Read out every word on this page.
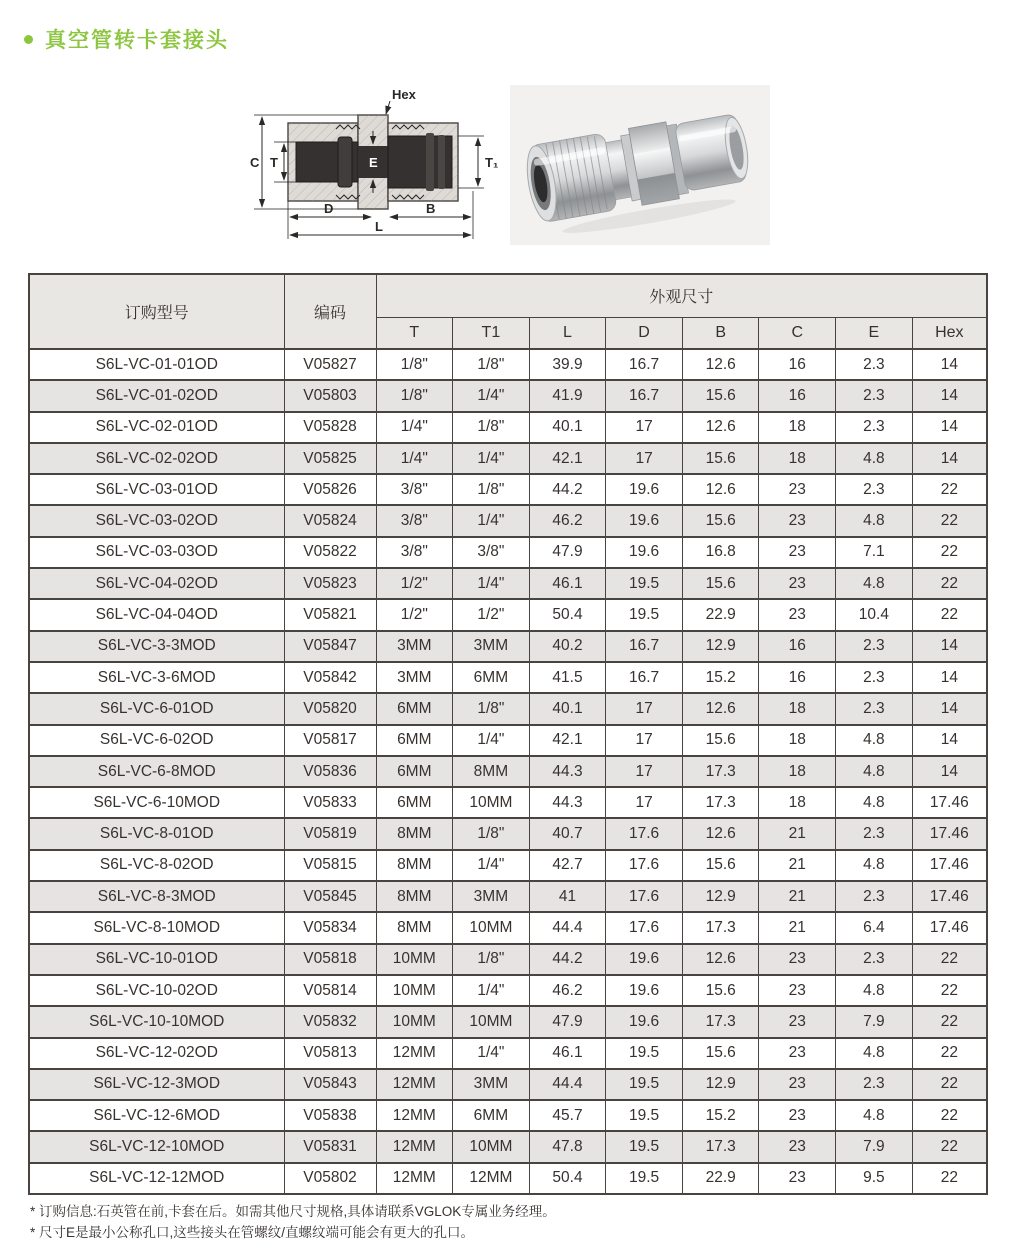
真空管转卡套接头
Hex
C T	E	T₁
D	B
L
订购型号	编码	外观尺寸							
		T	T1	L	D	B	C	E	Hex
S6L-VC-01-01OD	V05827	1/8"	1/8"	39.9	16.7	12.6	16	2.3	14
S6L-VC-01-02OD	V05803	1/8"	1/4"	41.9	16.7	15.6	16	2.3	14
S6L-VC-02-01OD	V05828	1/4"	1/8"	40.1	17	12.6	18	2.3	14
S6L-VC-02-02OD	V05825	1/4"	1/4"	42.1	17	15.6	18	4.8	14
S6L-VC-03-01OD	V05826	3/8"	1/8"	44.2	19.6	12.6	23	2.3	22
S6L-VC-03-02OD	V05824	3/8"	1/4"	46.2	19.6	15.6	23	4.8	22
S6L-VC-03-03OD	V05822	3/8"	3/8"	47.9	19.6	16.8	23	7.1	22
S6L-VC-04-02OD	V05823	1/2"	1/4"	46.1	19.5	15.6	23	4.8	22
S6L-VC-04-04OD	V05821	1/2"	1/2"	50.4	19.5	22.9	23	10.4	22
S6L-VC-3-3MOD	V05847	3MM	3MM	40.2	16.7	12.9	16	2.3	14
S6L-VC-3-6MOD	V05842	3MM	6MM	41.5	16.7	15.2	16	2.3	14
S6L-VC-6-01OD	V05820	6MM	1/8"	40.1	17	12.6	18	2.3	14
S6L-VC-6-02OD	V05817	6MM	1/4"	42.1	17	15.6	18	4.8	14
S6L-VC-6-8MOD	V05836	6MM	8MM	44.3	17	17.3	18	4.8	14
S6L-VC-6-10MOD	V05833	6MM	10MM	44.3	17	17.3	18	4.8	17.46
S6L-VC-8-01OD	V05819	8MM	1/8"	40.7	17.6	12.6	21	2.3	17.46
S6L-VC-8-02OD	V05815	8MM	1/4"	42.7	17.6	15.6	21	4.8	17.46
S6L-VC-8-3MOD	V05845	8MM	3MM	41	17.6	12.9	21	2.3	17.46
S6L-VC-8-10MOD	V05834	8MM	10MM	44.4	17.6	17.3	21	6.4	17.46
S6L-VC-10-01OD	V05818	10MM	1/8"	44.2	19.6	12.6	23	2.3	22
S6L-VC-10-02OD	V05814	10MM	1/4"	46.2	19.6	15.6	23	4.8	22
S6L-VC-10-10MOD	V05832	10MM	10MM	47.9	19.6	17.3	23	7.9	22
S6L-VC-12-02OD	V05813	12MM	1/4"	46.1	19.5	15.6	23	4.8	22
S6L-VC-12-3MOD	V05843	12MM	3MM	44.4	19.5	12.9	23	2.3	22
S6L-VC-12-6MOD	V05838	12MM	6MM	45.7	19.5	15.2	23	4.8	22
S6L-VC-12-10MOD	V05831	12MM	10MM	47.8	19.5	17.3	23	7.9	22
S6L-VC-12-12MOD	V05802	12MM	12MM	50.4	19.5	22.9	23	9.5	22

* 订购信息:石英管在前,卡套在后。如需其他尺寸规格,具体请联系VGLOK专属业务经理。

* 尺寸E是最小公称孔口,这些接头在管螺纹/直螺纹端可能会有更大的孔口。
